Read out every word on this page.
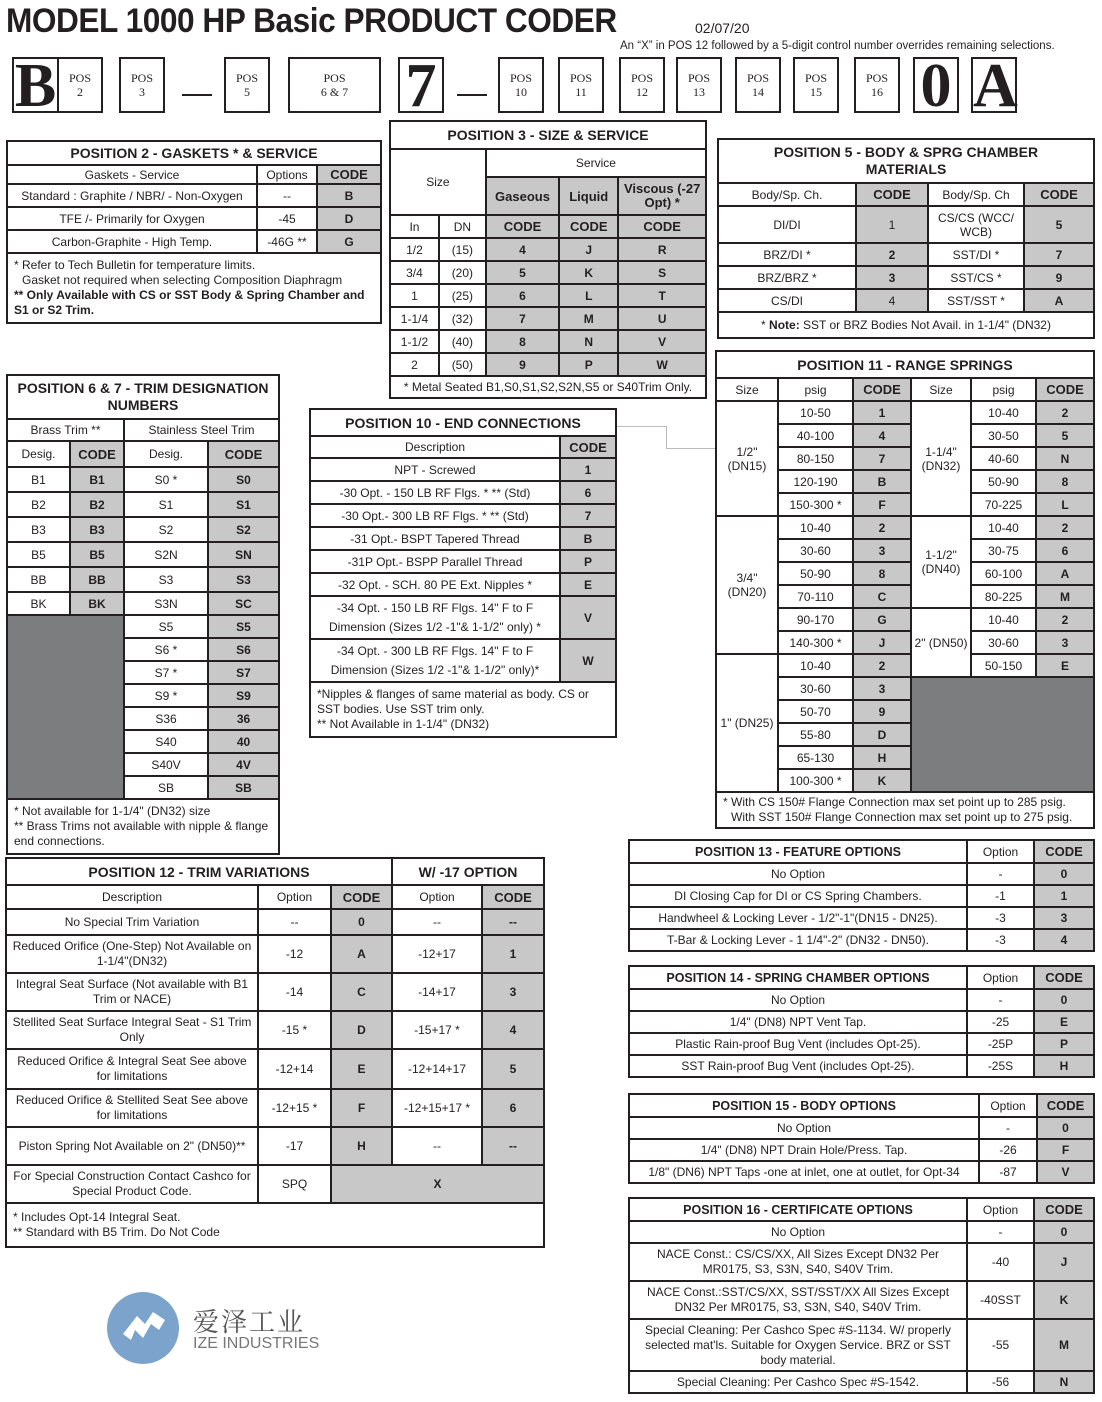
MODEL 1000 HP Basic PRODUCT CODER	02/07/20
An “X” in POS 12 followed by a 5-digit control number overrides remaining selections.
B	POS
2
POS
3
POS
5
POS
6 & 7 7	POS
10
POS
11
POS
12
POS
13
POS
14
POS
15
POS
16 0 A
POSITION 2 - GASKETS * & SERVICE		
Gaskets - Service	Options	CODE
Standard : Graphite / NBR/ - Non-Oxygen	--	B
TFE /- Primarily for Oxygen	-45	D
Carbon-Graphite - High Temp.	-46G **	G

* Refer to Tech Bulletin for temperature limits.
Gasket not required when selecting Composition Diaphragm
** Only Available with CS or SST Body & Spring Chamber and S1 or S2 Trim.		
POSITION 3 - SIZE & SERVICE				
Size		Service		
		Gaseous	Liquid	Viscous (-27 Opt) *
In	DN	CODE	CODE	CODE
1/2	(15)	4	J	R
3/4	(20)	5	K	S
1	(25)	6	L	T
1-1/4	(32)	7	M	U
1-1/2	(40)	8	N	V
2	(50)	9	P	W
* Metal Seated B1,S0,S1,S2,S2N,S5 or S40Trim Only.				
POSITION 5 - BODY & SPRG CHAMBER MATERIALS			
Body/Sp. Ch.	CODE	Body/Sp. Ch	CODE
DI/DI	1	CS/CS (WCC/ WCB)	5
BRZ/DI *	2	SST/DI *	7
BRZ/BRZ *	3	SST/CS *	9
CS/DI	4	SST/SST *	A
* Note: SST or BRZ Bodies Not Avail. in 1-1/4" (DN32)			
POSITION 6 & 7 - TRIM DESIGNATION NUMBERS			
Brass Trim **		Stainless Steel Trim	
Desig.	CODE	Desig.	CODE
B1	B1	S0 *	S0
B2	B2	S1	S1
B3	B3	S2	S2
B5	B5	S2N	SN
BB	BB	S3	S3
BK	BK	S3N	SC
		S5	S5
		S6 *	S6
		S7 *	S7
		S9 *	S9
		S36	36
		S40	40
		S40V	4V
		SB	SB

* Not available for 1-1/4" (DN32) size
** Brass Trims not available with nipple & flange end connections.			
POSITION 10 - END CONNECTIONS	
Description	CODE
NPT - Screwed	1
-30 Opt. - 150 LB RF Flgs. * ** (Std)	6
-30 Opt.- 300 LB RF Flgs. * ** (Std)	7
-31 Opt.- BSPT Tapered Thread	B
-31P Opt.- BSPP Parallel Thread	P
-32 Opt. - SCH. 80 PE Ext. Nipples *	E
-34 Opt. - 150 LB RF Flgs. 14" F to F Dimension (Sizes 1/2 -1"& 1-1/2" only) *	V
-34 Opt. - 300 LB RF Flgs. 14" F to F Dimension (Sizes 1/2 -1"& 1-1/2" only)*	W

*Nipples & flanges of same material as body. CS or SST bodies. Use SST trim only.
** Not Available in 1-1/4" (DN32)	
POSITION 11 - RANGE SPRINGS					
Size	psig	CODE	Size	psig	CODE
1/2" (DN15)	10-50	1	1-1/4" (DN32)	10-40	2
	40-100	4		30-50	5
	80-150	7		40-60	N
	120-190	B		50-90	8
	150-300 *	F		70-225	L
3/4" (DN20)	10-40	2	1-1/2" (DN40)	10-40	2
	30-60	3		30-75	6
	50-90	8		60-100	A
	70-110	C		80-225	M
	90-170	G	2" (DN50)	10-40	2
	140-300 *	J		30-60	3
1" (DN25)	10-40	2		50-150	E
	30-60	3			
	50-70	9			
	55-80	D			
	65-130	H			
	100-300 *	K			

* With CS 150# Flange Connection max set point up to 285 psig.
With SST 150# Flange Connection max set point up to 275 psig.					
POSITION 12 - TRIM VARIATIONS			W/ -17 OPTION	
Description	Option	CODE	Option	CODE
No Special Trim Variation	--	0	--	--
Reduced Orifice (One-Step) Not Available on 1-1/4"(DN32)	-12	A	-12+17	1
Integral Seat Surface (Not available with B1 Trim or NACE)	-14	C	-14+17	3
Stellited Seat Surface Integral Seat - S1 Trim Only	-15 *	D	-15+17 *	4
Reduced Orifice & Integral Seat See above for limitations	-12+14	E	-12+14+17	5
Reduced Orifice & Stellited Seat See above for limitations	-12+15 *	F	-12+15+17 *	6
Piston Spring Not Available on 2" (DN50)**	-17	H	--	--
For Special Construction Contact Cashco for Special Product Code.	SPQ	X		

* Includes Opt-14 Integral Seat.
** Standard with B5 Trim. Do Not Code				
POSITION 13 - FEATURE OPTIONS	Option	CODE
No Option	-	0
DI Closing Cap for DI or CS Spring Chambers.	-1	1
Handwheel & Locking Lever - 1/2"-1"(DN15 - DN25).	-3	3
T-Bar & Locking Lever - 1 1/4"-2" (DN32 - DN50).	-3	4
POSITION 14 - SPRING CHAMBER OPTIONS	Option	CODE
No Option	-	0
1/4" (DN8) NPT Vent Tap.	-25	E
Plastic Rain-proof Bug Vent (includes Opt-25).	-25P	P
SST Rain-proof Bug Vent (includes Opt-25).	-25S	H
POSITION 15 - BODY OPTIONS	Option	CODE
No Option	-	0
1/4" (DN8) NPT Drain Hole/Press. Tap.	-26	F
1/8" (DN6) NPT Taps -one at inlet, one at outlet, for Opt-34	-87	V
POSITION 16 - CERTIFICATE OPTIONS	Option	CODE
No Option	-	0
NACE Const.: CS/CS/XX, All Sizes Except DN32 Per MR0175, S3, S3N, S40, S40V Trim.	-40	J
NACE Const.:SST/CS/XX, SST/SST/XX All Sizes Except DN32 Per MR0175, S3, S3N, S40, S40V Trim.	-40SST	K
Special Cleaning: Per Cashco Spec #S-1134. W/ properly selected mat'ls. Suitable for Oxygen Service. BRZ or SST body material.	-55	M
Special Cleaning: Per Cashco Spec #S-1542.	-56	N
爱泽工业
IZE INDUSTRIES
